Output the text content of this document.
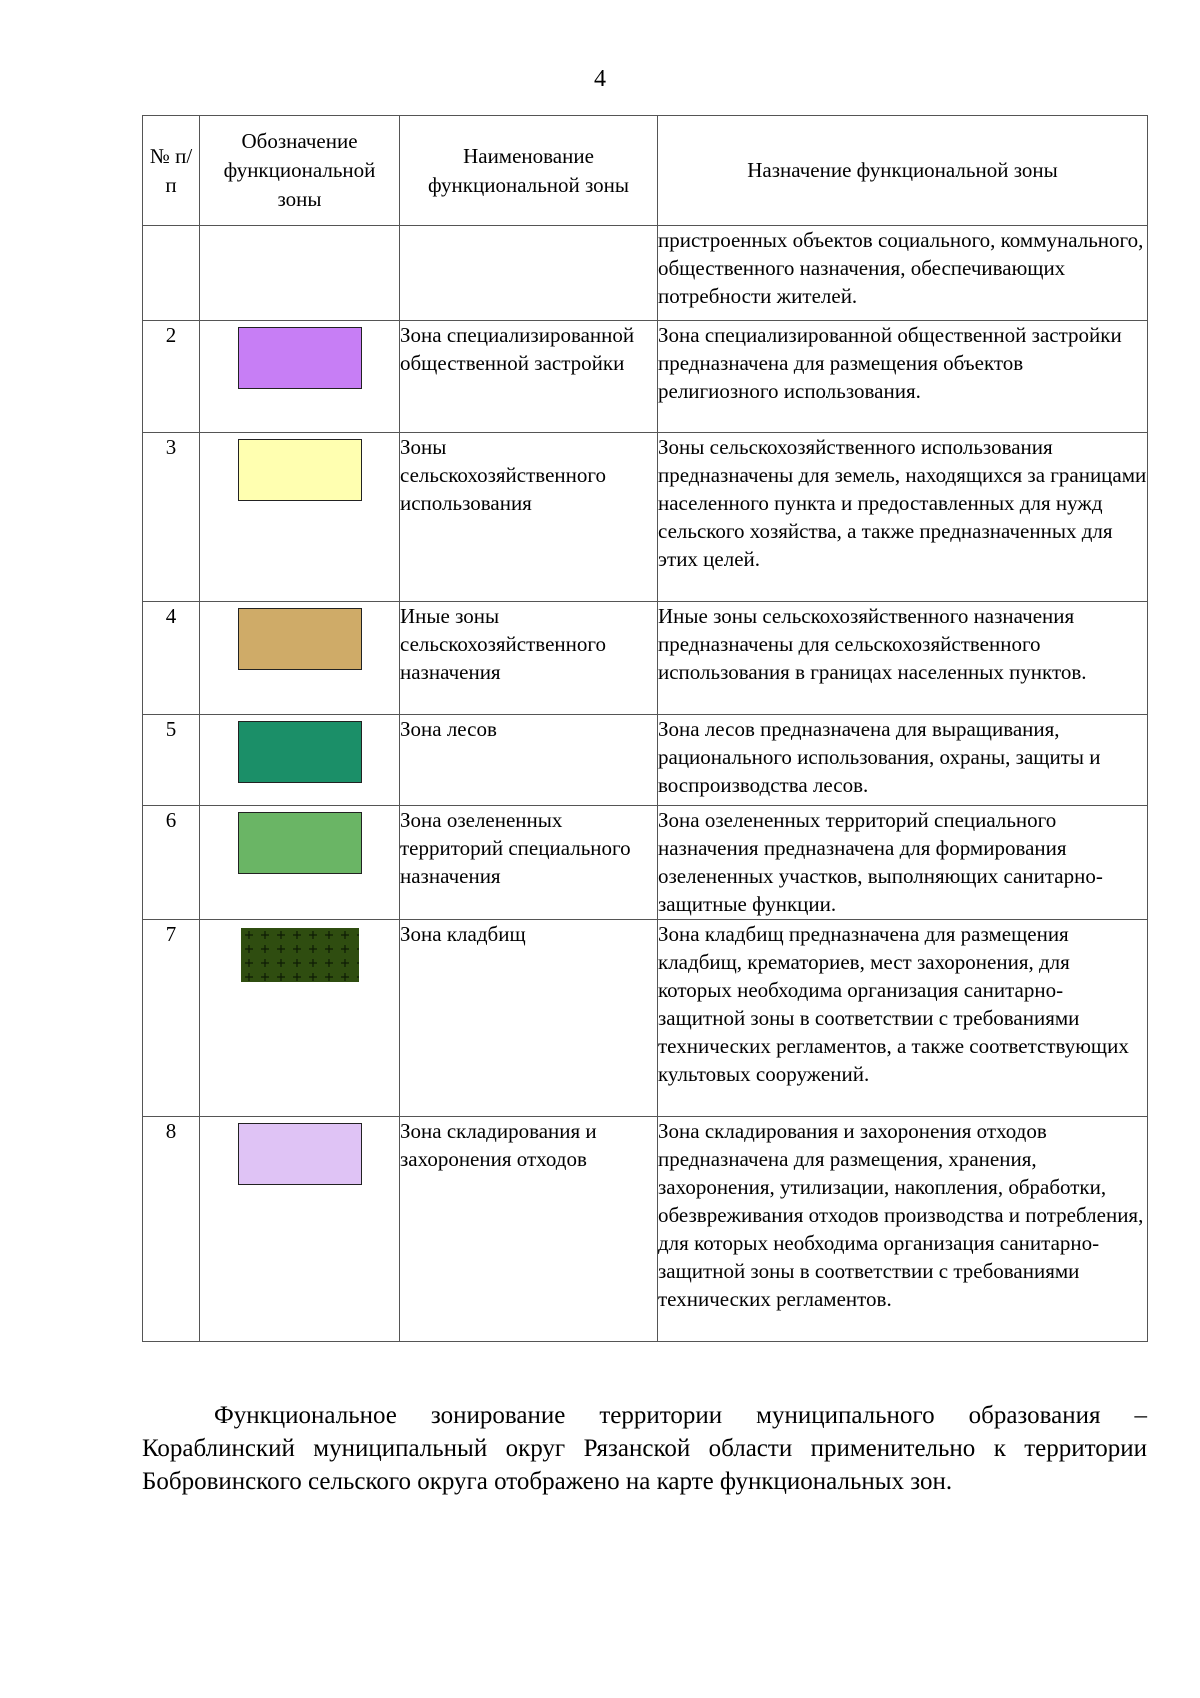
4
№ п/п	Обозначение функциональной зоны	Наименование функциональной зоны	Назначение функциональной зоны
			пристроенных объектов социального, коммунального, общественного назначения, обеспечивающих потребности жителей.
2		Зона специализированной общественной застройки	Зона специализированной общественной застройки предназначена для размещения объектов религиозного использования.
3		Зоны сельскохозяйственного использования	Зоны сельскохозяйственного использования предназначены для земель, находящихся за границами населенного пункта и предоставленных для нужд сельского хозяйства, а также предназначенных для этих целей.
4		Иные зоны сельскохозяйственного назначения	Иные зоны сельскохозяйственного назначения предназначены для сельскохозяйственного использования в границах населенных пунктов.
5		Зона лесов	Зона лесов предназначена для выращивания, рационального использования, охраны, защиты и воспроизводства лесов.
6		Зона озелененных территорий специального назначения	Зона озелененных территорий специального назначения предназначена для формирования озелененных участков, выполняющих санитарно-защитные функции.
7		Зона кладбищ	Зона кладбищ предназначена для размещения кладбищ, крематориев, мест захоронения, для которых необходима организация санитарно-защитной зоны в соответствии с требованиями технических регламентов, а также соответствующих культовых сооружений.
8		Зона складирования и захоронения отходов	Зона складирования и захоронения отходов предназначена для размещения, хранения, захоронения, утилизации, накопления, обработки, обезвреживания отходов производства и потребления, для которых необходима организация санитарно-защитной зоны в соответствии с требованиями технических регламентов.

Функциональное зонирование территории муниципального образования – Кораблинский муниципальный округ Рязанской области применительно к территории Бобровинского сельского округа отображено на карте функциональных зон.
